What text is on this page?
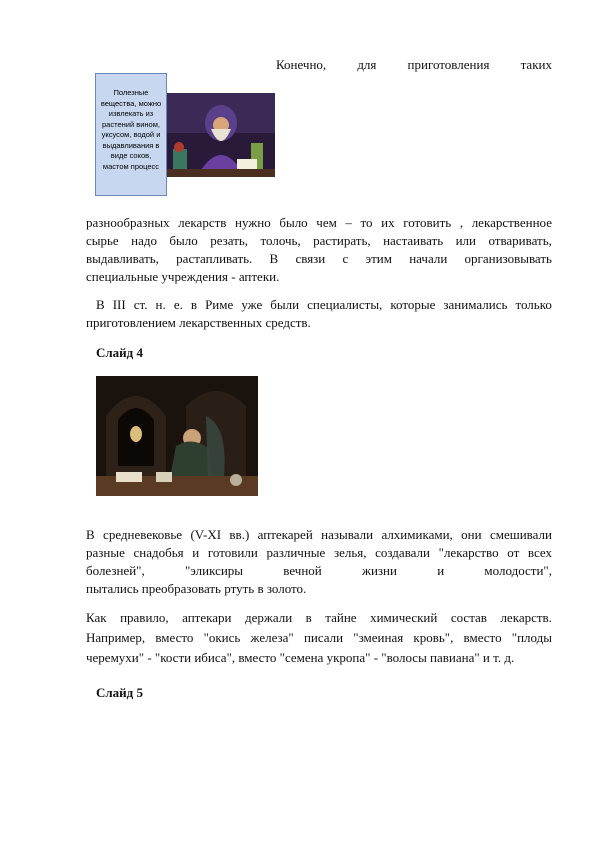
Конечно, для приготовления таких
Полезные вещества, можно извлекать из растений вином, уксусом, водой и выдавливания в виде соков, мастом процесс
разнообразных лекарств нужно было чем – то их готовить , лекарственное
сырье надо было резать, толочь, растирать, настаивать или отваривать,
выдавливать, растапливать. В связи с этим начали организовывать
специальные учреждения - аптеки.
В III ст. н. е. в Риме уже были специалисты, которые занимались только
приготовлением лекарственных средств.
Слайд 4
В средневековье (V-XI вв.) аптекарей называли алхимиками, они смешивали
разные снадобья и готовили различные зелья, создавали "лекарство от всех
болезней",	"эликсиры	вечной	жизни	и	молодости",
пытались преобразовать ртуть в золото.
Как правило, аптекари держали в тайне химический состав лекарств.
Например, вместо "окись железа" писали "змеиная кровь", вместо "плоды
черемухи" - "кости ибиса", вместо "семена укропа" - "волосы павиана" и т. д.
Слайд 5
